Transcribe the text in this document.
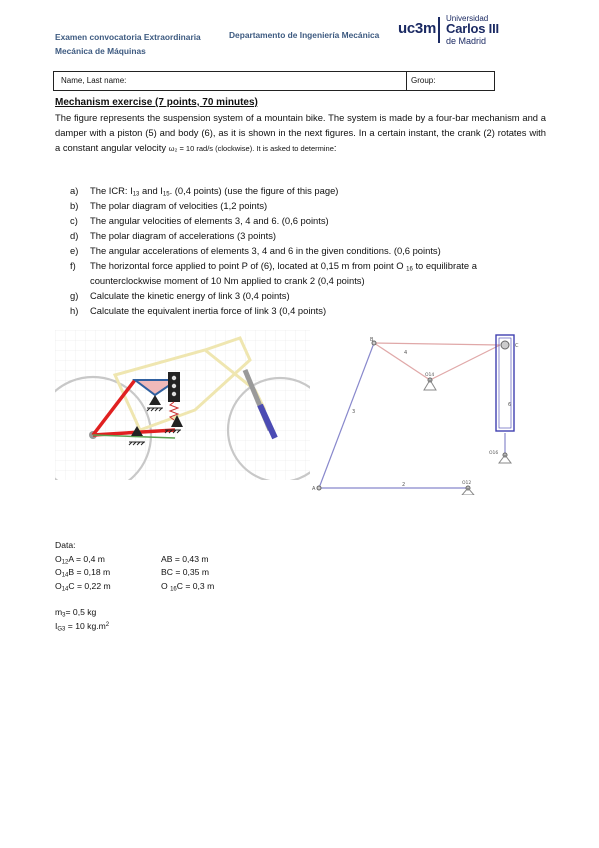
Examen convocatoria Extraordinaria
Mecánica de Máquinas
Departamento de Ingeniería Mecánica uc3m
Universidad
Carlos III
de Madrid
Name, Last name:	Group:
Mechanism exercise (7 points, 70 minutes)
The figure represents the suspension system of a mountain bike. The system is made by a four-bar mechanism and a damper with a piston (5) and body (6), as it is shown in the next figures. In a certain instant, the crank (2) rotates with a constant angular velocity ω₂ = 10 rad/s (clockwise). It is asked to determine:
a) The ICR: $I_{13}$ and $I_{15}$. (0,4 points) (use the figure of this page)
b) The polar diagram of velocities (1,2 points)
c) The angular velocities of elements 3, 4 and 6. (0,6 points)
d) The polar diagram of accelerations (3 points)
e) The angular accelerations of elements 3, 4 and 6 in the given conditions. (0,6 points)
f) The horizontal force applied to point P of (6), located at 0,15 m from point O $_{16}$ to equilibrate a counterclockwise moment of 10 Nm applied to crank 2 (0,4 points)
g) Calculate the kinetic energy of link 3 (0,4 points)
h) Calculate the equivalent inertia force of link 3 (0,4 points)
B
C
A
O14
O12
O16
4
3
2
6
Data:
$O_{12}A = 0,4$ m	AB = 0,43 m
$O_{14}B = 0,18$ m	BC = 0,35 m
$O_{14}C = 0,22$ m	O $_{16}$C = 0,3 m
$m_3= 0,5$ kg
$I_{G3} = 10$ $kg.m^2$
